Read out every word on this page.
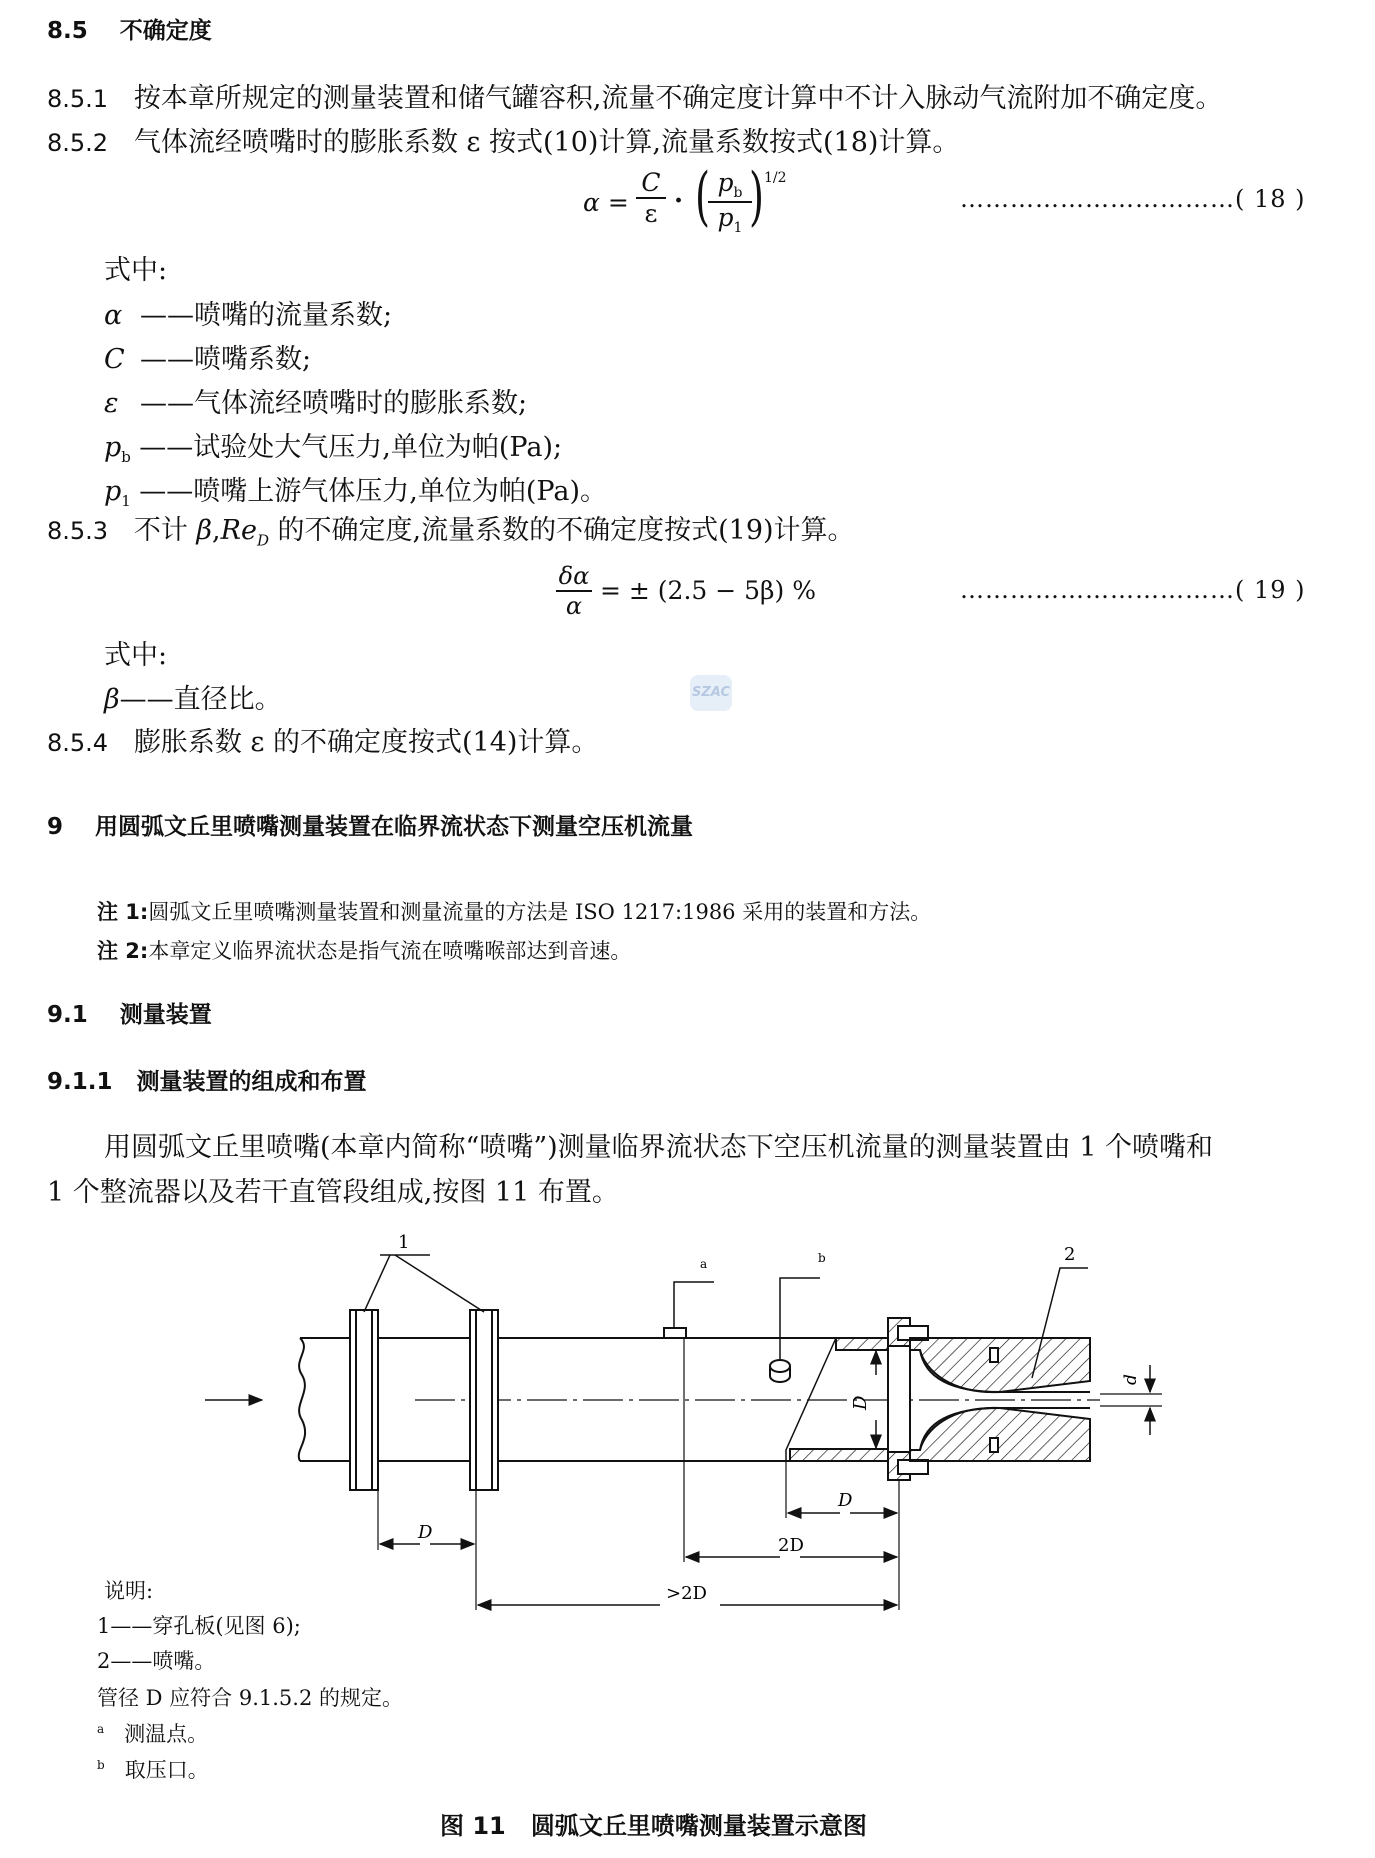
8.5 不确定度
8.5.1 按本章所规定的测量装置和储气罐容积,流量不确定度计算中不计入脉动气流附加不确定度。
8.5.2 气体流经喷嘴时的膨胀系数 ε 按式(10)计算,流量系数按式(18)计算。
α =
C
ε · ( $p_b$
$p_1$ ) 1/2
……………………………( 18 )
式中:
α ——喷嘴的流量系数;
C ——喷嘴系数;
ε ——气体流经喷嘴时的膨胀系数;
$p_b$ ——试验处大气压力,单位为帕(Pa);
$p_1$ ——喷嘴上游气体压力,单位为帕(Pa)。
8.5.3 不计 $\beta,Re_D$ 的不确定度,流量系数的不确定度按式(19)计算。
δα
α
= ± (2.5 − 5β) %	……………………………( 19 )
式中:
β——直径比。	SZAC
8.5.4 膨胀系数 ε 的不确定度按式(14)计算。
9 用圆弧文丘里喷嘴测量装置在临界流状态下测量空压机流量
注 1:圆弧文丘里喷嘴测量装置和测量流量的方法是 ISO 1217:1986 采用的装置和方法。
注 2:本章定义临界流状态是指气流在喷嘴喉部达到音速。
9.1 测量装置
9.1.1 测量装置的组成和布置
用圆弧文丘里喷嘴(本章内简称“喷嘴”)测量临界流状态下空压机流量的测量装置由 1 个喷嘴和
1 个整流器以及若干直管段组成,按图 11 布置。
1
a	b	2
d
D
D
D
2D
>2D
说明:
1——穿孔板(见图 6);
2——喷嘴。
管径 D 应符合 9.1.5.2 的规定。
$^a$ 测温点。
$^b$ 取压口。
图 11   圆弧文丘里喷嘴测量装置示意图
